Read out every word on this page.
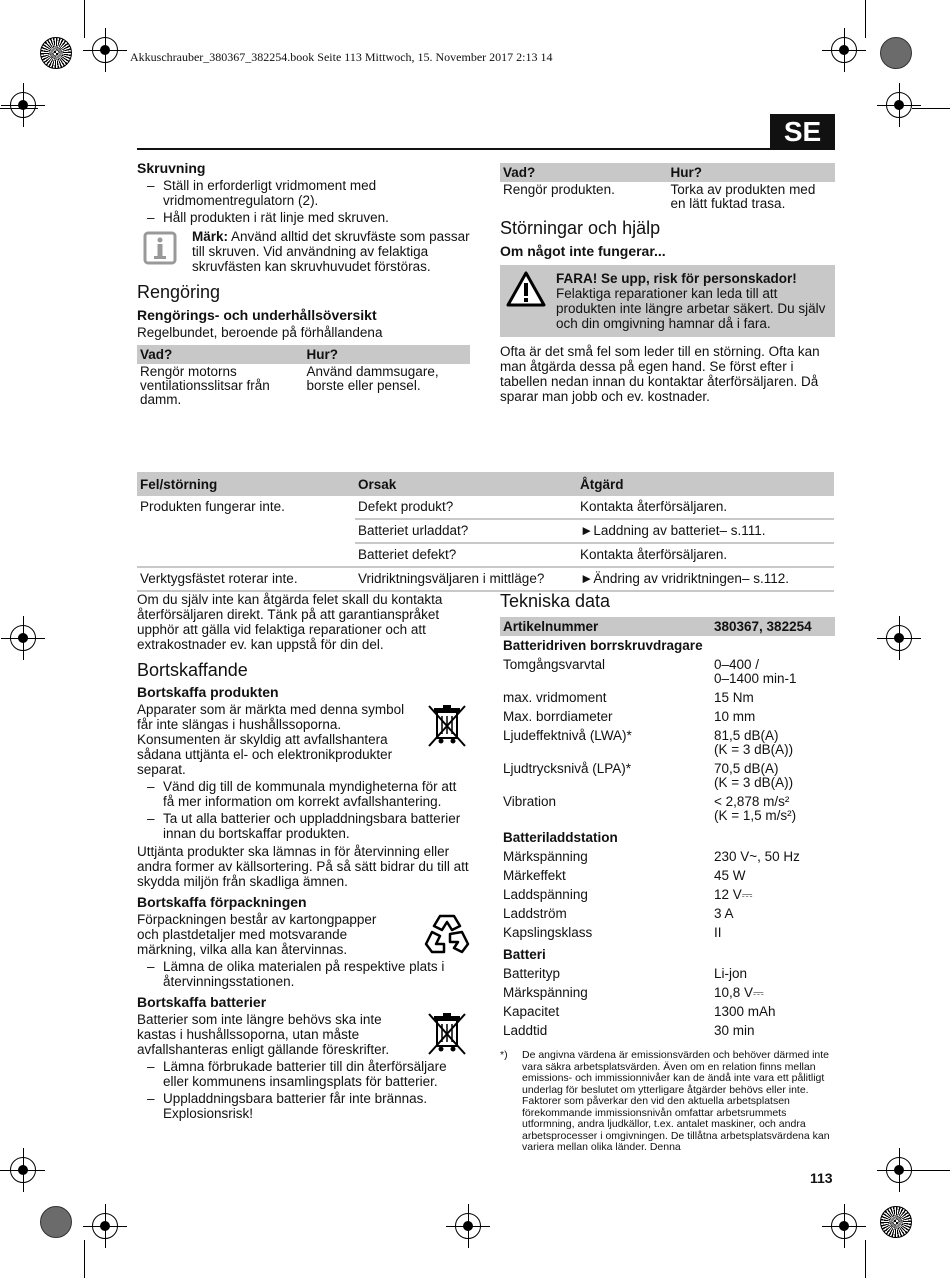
Akkuschrauber_380367_382254.book Seite 113 Mittwoch, 15. November 2017 2:13 14
SE
Skruvning
– Ställ in erforderligt vridmoment med vridmomentregulatorn (2).
– Håll produkten i rät linje med skruven.
Märk: Använd alltid det skruvfäste som passar till skruven. Vid användning av felaktiga skruvfästen kan skruvhuvudet förstöras.
Rengöring
Rengörings- och underhållsöversikt

Regelbundet, beroende på förhållandena

Vad?	Hur?
Rengör motorns ventilationsslitsar från damm.	Använd dammsugare, borste eller pensel.
Vad?	Hur?
Rengör produkten.	Torka av produkten med en lätt fuktad trasa.
Störningar och hjälp
Om något inte fungerar...
FARA! Se upp, risk för personskador!
Felaktiga reparationer kan leda till att produkten inte längre arbetar säkert. Du själv och din omgivning hamnar då i fara.

Ofta är det små fel som leder till en störning. Ofta kan man åtgärda dessa på egen hand. Se först efter i tabellen nedan innan du kontaktar återförsäljaren. Då sparar man jobb och ev. kostnader.

Fel/störning	Orsak	Åtgärd
Produkten fungerar inte.	Defekt produkt?	Kontakta återförsäljaren.
	Batteriet urladdat?	►Laddning av batteriet– s.111.
	Batteriet defekt?	Kontakta återförsäljaren.
Verktygsfästet roterar inte.	Vridriktningsväljaren i mittläge?	►Ändring av vridriktningen– s.112.

Om du själv inte kan åtgärda felet skall du kontakta återförsäljaren direkt. Tänk på att garantianspråket upphör att gälla vid felaktiga reparationer och att extrakostnader ev. kan uppstå för din del.

Bortskaffande
Bortskaffa produkten

Apparater som är märkta med denna symbol får inte slängas i hushållssoporna. Konsumenten är skyldig att avfallshantera sådana uttjänta el- och elektronikprodukter separat.

– Vänd dig till de kommunala myndigheterna för att få mer information om korrekt avfallshantering.
– Ta ut alla batterier och uppladdningsbara batterier innan du bortskaffar produkten.

Uttjänta produkter ska lämnas in för återvinning eller andra former av källsortering. På så sätt bidrar du till att skydda miljön från skadliga ämnen.

Bortskaffa förpackningen

Förpackningen består av kartongpapper och plastdetaljer med motsvarande märkning, vilka alla kan återvinnas.

– Lämna de olika materialen på respektive plats i återvinningsstationen.
Bortskaffa batterier

Batterier som inte längre behövs ska inte kastas i hushållssoporna, utan måste avfallshanteras enligt gällande föreskrifter.

– Lämna förbrukade batterier till din återförsäljare eller kommunens insamlingsplats för batterier.
– Uppladdningsbara batterier får inte brännas. Explosionsrisk!
Tekniska data
Artikelnummer	380367, 382254
Batteridriven borrskruvdragare	
Tomgångsvarvtal	0–400 /
0–1400 min-1
max. vridmoment	15 Nm
Max. borrdiameter	10 mm
Ljudeffektnivå (LWA)*	81,5 dB(A)
(K = 3 dB(A))
Ljudtrycksnivå (LPA)*	70,5 dB(A)
(K = 3 dB(A))
Vibration	< 2,878 m/s²
(K = 1,5 m/s²)
Batteriladdstation	
Märkspänning	230 V~, 50 Hz
Märkeffekt	45 W
Laddspänning	12 V⎓
Laddström	3 A
Kapslingsklass	II
Batteri	
Batterityp	Li-jon
Märkspänning	10,8 V⎓
Kapacitet	1300 mAh
Laddtid	30 min
*) De angivna värdena är emissionsvärden och behöver därmed inte vara säkra arbetsplatsvärden. Även om en relation finns mellan emissions- och immissionnivåer kan de ändå inte vara ett pålitligt underlag för beslutet om ytterligare åtgärder behövs eller inte. Faktorer som påverkar den vid den aktuella arbetsplatsen förekommande immissionsnivån omfattar arbetsrummets utformning, andra ljudkällor, t.ex. antalet maskiner, och andra arbetsprocesser i omgivningen. De tillåtna arbetsplatsvärdena kan variera mellan olika länder. Denna
113
